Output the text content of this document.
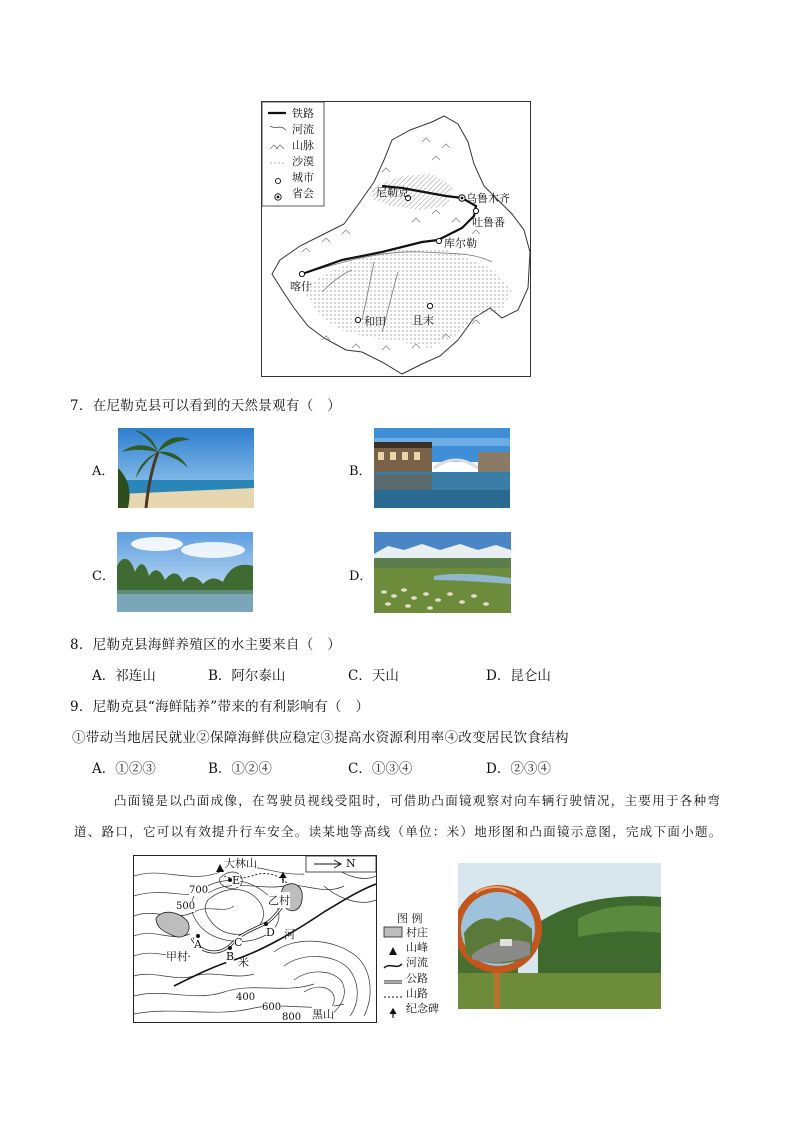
铁路
河流
山脉
沙漠
城市
省会	尼勒克	乌鲁木齐
吐鲁番
库尔勒
喀什
和田 且末
7．在尼勒克县可以看到的天然景观有（　）
A．	B．
C．	D．
8．尼勒克县海鲜养殖区的水主要来自（　）
A．祁连山	B．阿尔泰山	C．天山	D．昆仑山
9．尼勒克县“海鲜陆养”带来的有利影响有（　）
①带动当地居民就业②保障海鲜供应稳定③提高水资源利用率④改变居民饮食结构
A．①②③	B．①②④	C．①③④	D．②③④
凸面镜是以凸面成像，在驾驶员视线受阻时，可借助凸面镜观察对向车辆行驶情况，主要用于各种弯
道、路口，它可以有效提升行车安全。读某地等高线（单位：米）地形图和凸面镜示意图，完成下面小题。
N
大林山
黑山
甲村
乙村
河
米
A
B
C
D
E
700
500
400
600
800
图 例
村庄
山峰
河流
公路
山路
纪念碑
